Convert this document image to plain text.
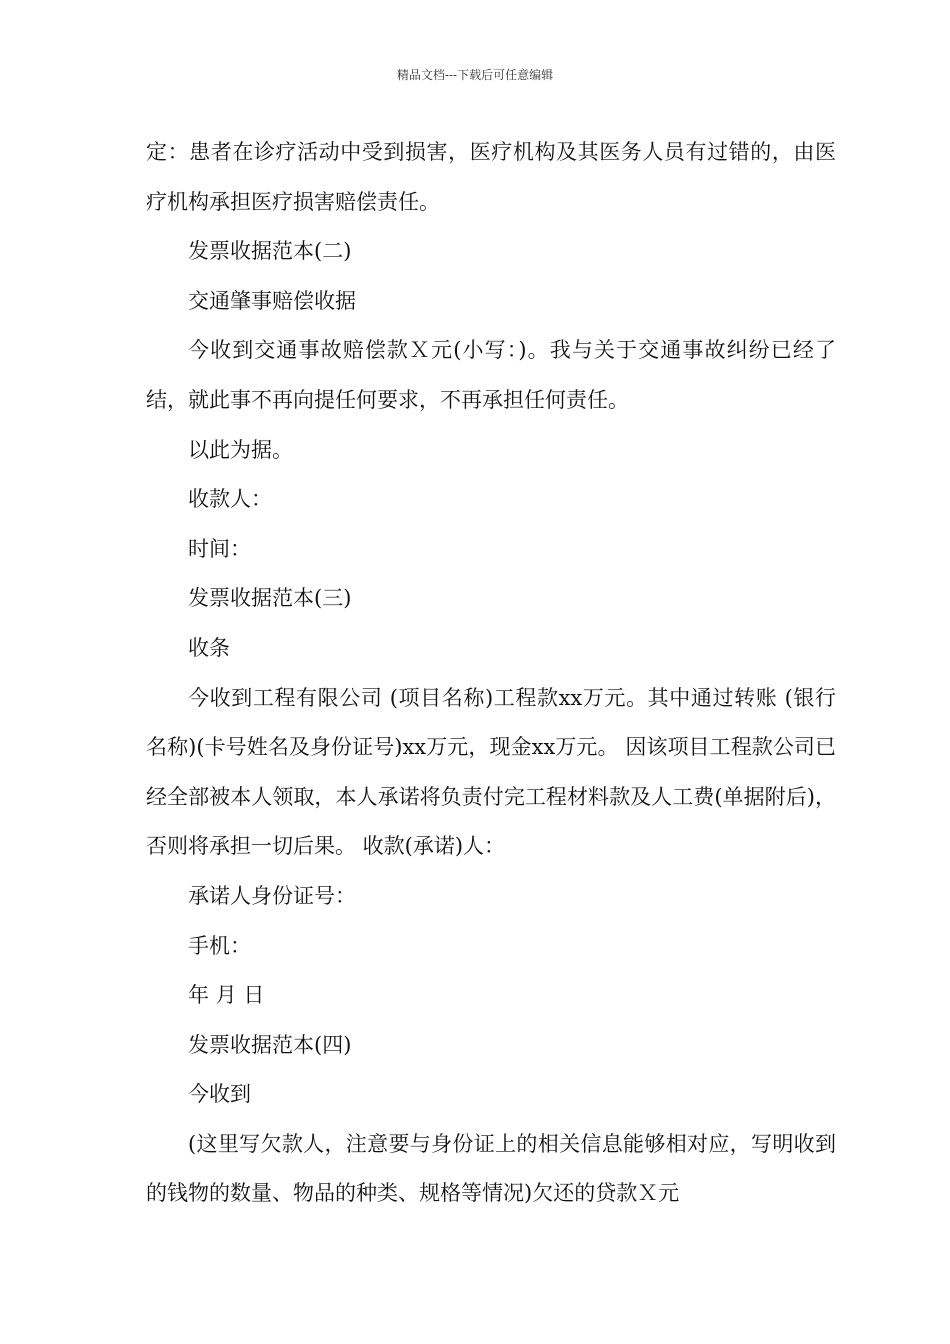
精品文档---下载后可任意编辑

定：患者在诊疗活动中受到损害，医疗机构及其医务人员有过错的，由医疗机构承担医疗损害赔偿责任。

发票收据范本(二)

交通肇事赔偿收据

今收到交通事故赔偿款Ｘ元(小写：)。我与关于交通事故纠纷已经了结，就此事不再向提任何要求，不再承担任何责任。

以此为据。

收款人：

时间：

发票收据范本(三)

收条

今收到工程有限公司 (项目名称)工程款xx万元。其中通过转账 (银行名称)(卡号姓名及身份证号)xx万元，现金xx万元。 因该项目工程款公司已经全部被本人领取，本人承诺将负责付完工程材料款及人工费(单据附后)，否则将承担一切后果。 收款(承诺)人：

承诺人身份证号：

手机：

年 月 日

发票收据范本(四)

今收到

(这里写欠款人，注意要与身份证上的相关信息能够相对应，写明收到的钱物的数量、物品的种类、规格等情况)欠还的贷款Ｘ元
